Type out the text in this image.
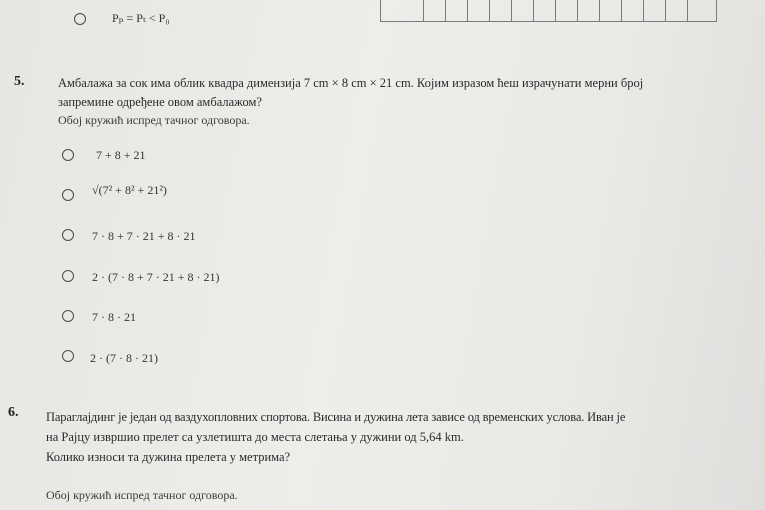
Pₚ = Pₜ < P₀
5.	Амбалажа за сок има облик квадра димензија 7 cm × 8 cm × 21 cm. Којим изразом ћеш израчунати мерни број
запремине одређене овом амбалажом?
Обој кружић испред тачног одговора.
7 + 8 + 21
√(7² + 8² + 21²)
7 · 8 + 7 · 21 + 8 · 21
2 · (7 · 8 + 7 · 21 + 8 · 21)
7 · 8 · 21
2 · (7 · 8 · 21)
6. Параглајдинг је један од ваздухопловних спортова. Висина и дужина лета зависе од временских услова. Иван је
на Рајцу извршио прелет са узлетишта до места слетања у дужини од 5,64 km.
Колико износи та дужина прелета у метрима?
Обој кружић испред тачног одговора.
